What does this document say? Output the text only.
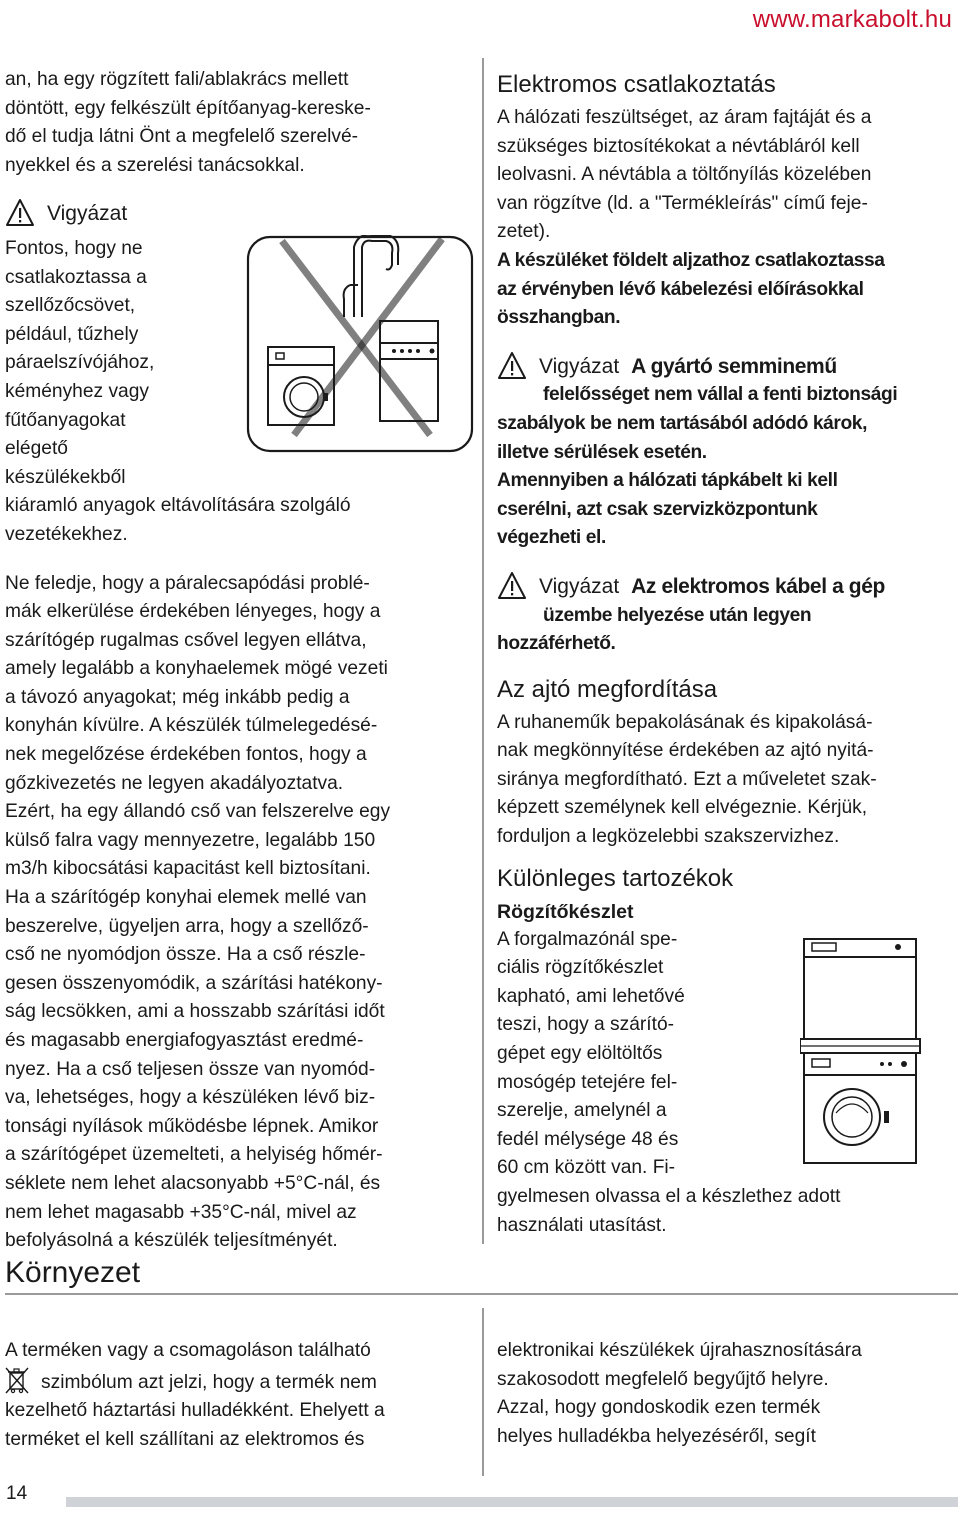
www.markabolt.hu

an, ha egy rögzített fali/ablakrács mellett

döntött, egy felkészült építőanyag-kereske-

dő el tudja látni Önt a megfelelő szerelvé-

nyekkel és a szerelési tanácsokkal.

Vigyázat

Fontos, hogy ne

csatlakoztassa a

szellőzőcsövet,

például, tűzhely

páraelszívójához,

kéményhez vagy

fűtőanyagokat

elégető

készülékekből

kiáramló anyagok eltávolítására szolgáló

vezetékekhez.

Ne feledje, hogy a páralecsapódási problé-

mák elkerülése érdekében lényeges, hogy a

szárítógép rugalmas csővel legyen ellátva,

amely legalább a konyhaelemek mögé vezeti

a távozó anyagokat; még inkább pedig a

konyhán kívülre. A készülék túlmelegedésé-

nek megelőzése érdekében fontos, hogy a

gőzkivezetés ne legyen akadályoztatva.

Ezért, ha egy állandó cső van felszerelve egy

külső falra vagy mennyezetre, legalább 150

m3/h kibocsátási kapacitást kell biztosítani.

Ha a szárítógép konyhai elemek mellé van

beszerelve, ügyeljen arra, hogy a szellőző-

cső ne nyomódjon össze. Ha a cső részle-

gesen összenyomódik, a szárítási hatékony-

ság lecsökken, ami a hosszabb szárítási időt

és magasabb energiafogyasztást eredmé-

nyez. Ha a cső teljesen össze van nyomód-

va, lehetséges, hogy a készüléken lévő biz-

tonsági nyílások működésbe lépnek. Amikor

a szárítógépet üzemelteti, a helyiség hőmér-

séklete nem lehet alacsonyabb +5°C-nál, és

nem lehet magasabb +35°C-nál, mivel az

befolyásolná a készülék teljesítményét.

Elektromos csatlakoztatás

A hálózati feszültséget, az áram fajtáját és a

szükséges biztosítékokat a névtábláról kell

leolvasni. A névtábla a töltőnyílás közelében

van rögzítve (ld. a "Termékleírás" című feje-

zetet).

A készüléket földelt aljzathoz csatlakoztassa

az érvényben lévő kábelezési előírásokkal

összhangban.

Vigyázat A gyártó semminemű

felelősséget nem vállal a fenti biztonsági

szabályok be nem tartásából adódó károk,

illetve sérülések esetén.

Amennyiben a hálózati tápkábelt ki kell

cserélni, azt csak szervizközpontunk

végezheti el.

Vigyázat Az elektromos kábel a gép

üzembe helyezése után legyen

hozzáférhető.

Az ajtó megfordítása

A ruhaneműk bepakolásának és kipakolásá-

nak megkönnyítése érdekében az ajtó nyitá-

siránya megfordítható. Ezt a műveletet szak-

képzett személynek kell elvégeznie. Kérjük,

forduljon a legközelebbi szakszervizhez.

Különleges tartozékok
Rögzítőkészlet

A forgalmazónál spe-

ciális rögzítőkészlet

kapható, ami lehetővé

teszi, hogy a szárító-

gépet egy elöltöltős

mosógép tetejére fel-

szerelje, amelynél a

fedél mélysége 48 és

60 cm között van. Fi-

gyelmesen olvassa el a készlethez adott

használati utasítást.

Környezet

A terméken vagy a csomagoláson található

szimbólum azt jelzi, hogy a termék nem

kezelhető háztartási hulladékként. Ehelyett a

terméket el kell szállítani az elektromos és

elektronikai készülékek újrahasznosítására

szakosodott megfelelő begyűjtő helyre.

Azzal, hogy gondoskodik ezen termék

helyes hulladékba helyezéséről, segít

14
